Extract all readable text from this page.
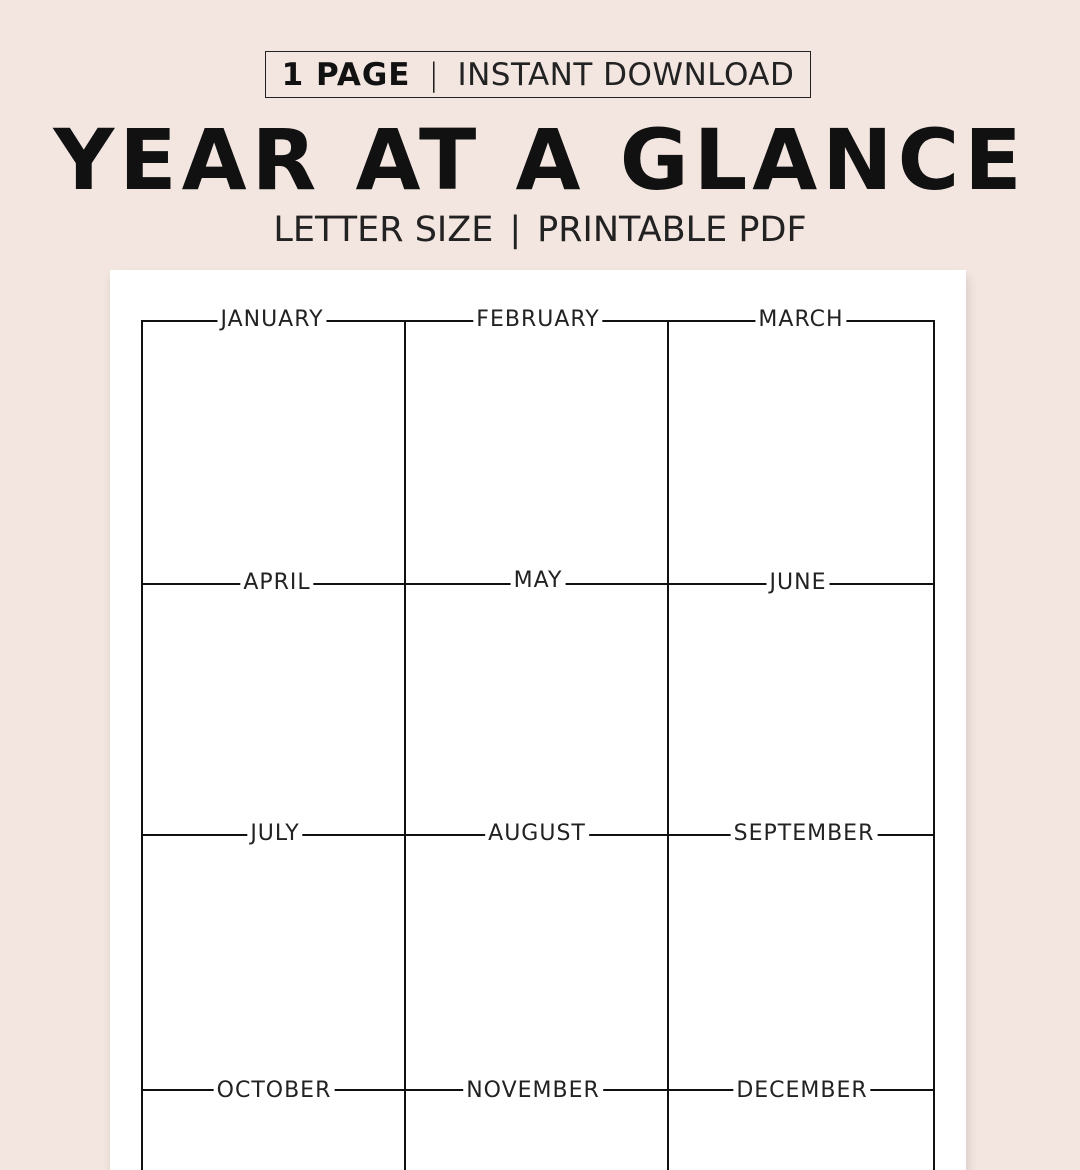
1 PAGE | INSTANT DOWNLOAD
YEAR AT A GLANCE
LETTER SIZE | PRINTABLE PDF
JANUARY	FEBRUARY	MARCH
APRIL	MAY	JUNE
JULY	AUGUST	SEPTEMBER
OCTOBER	NOVEMBER	DECEMBER
